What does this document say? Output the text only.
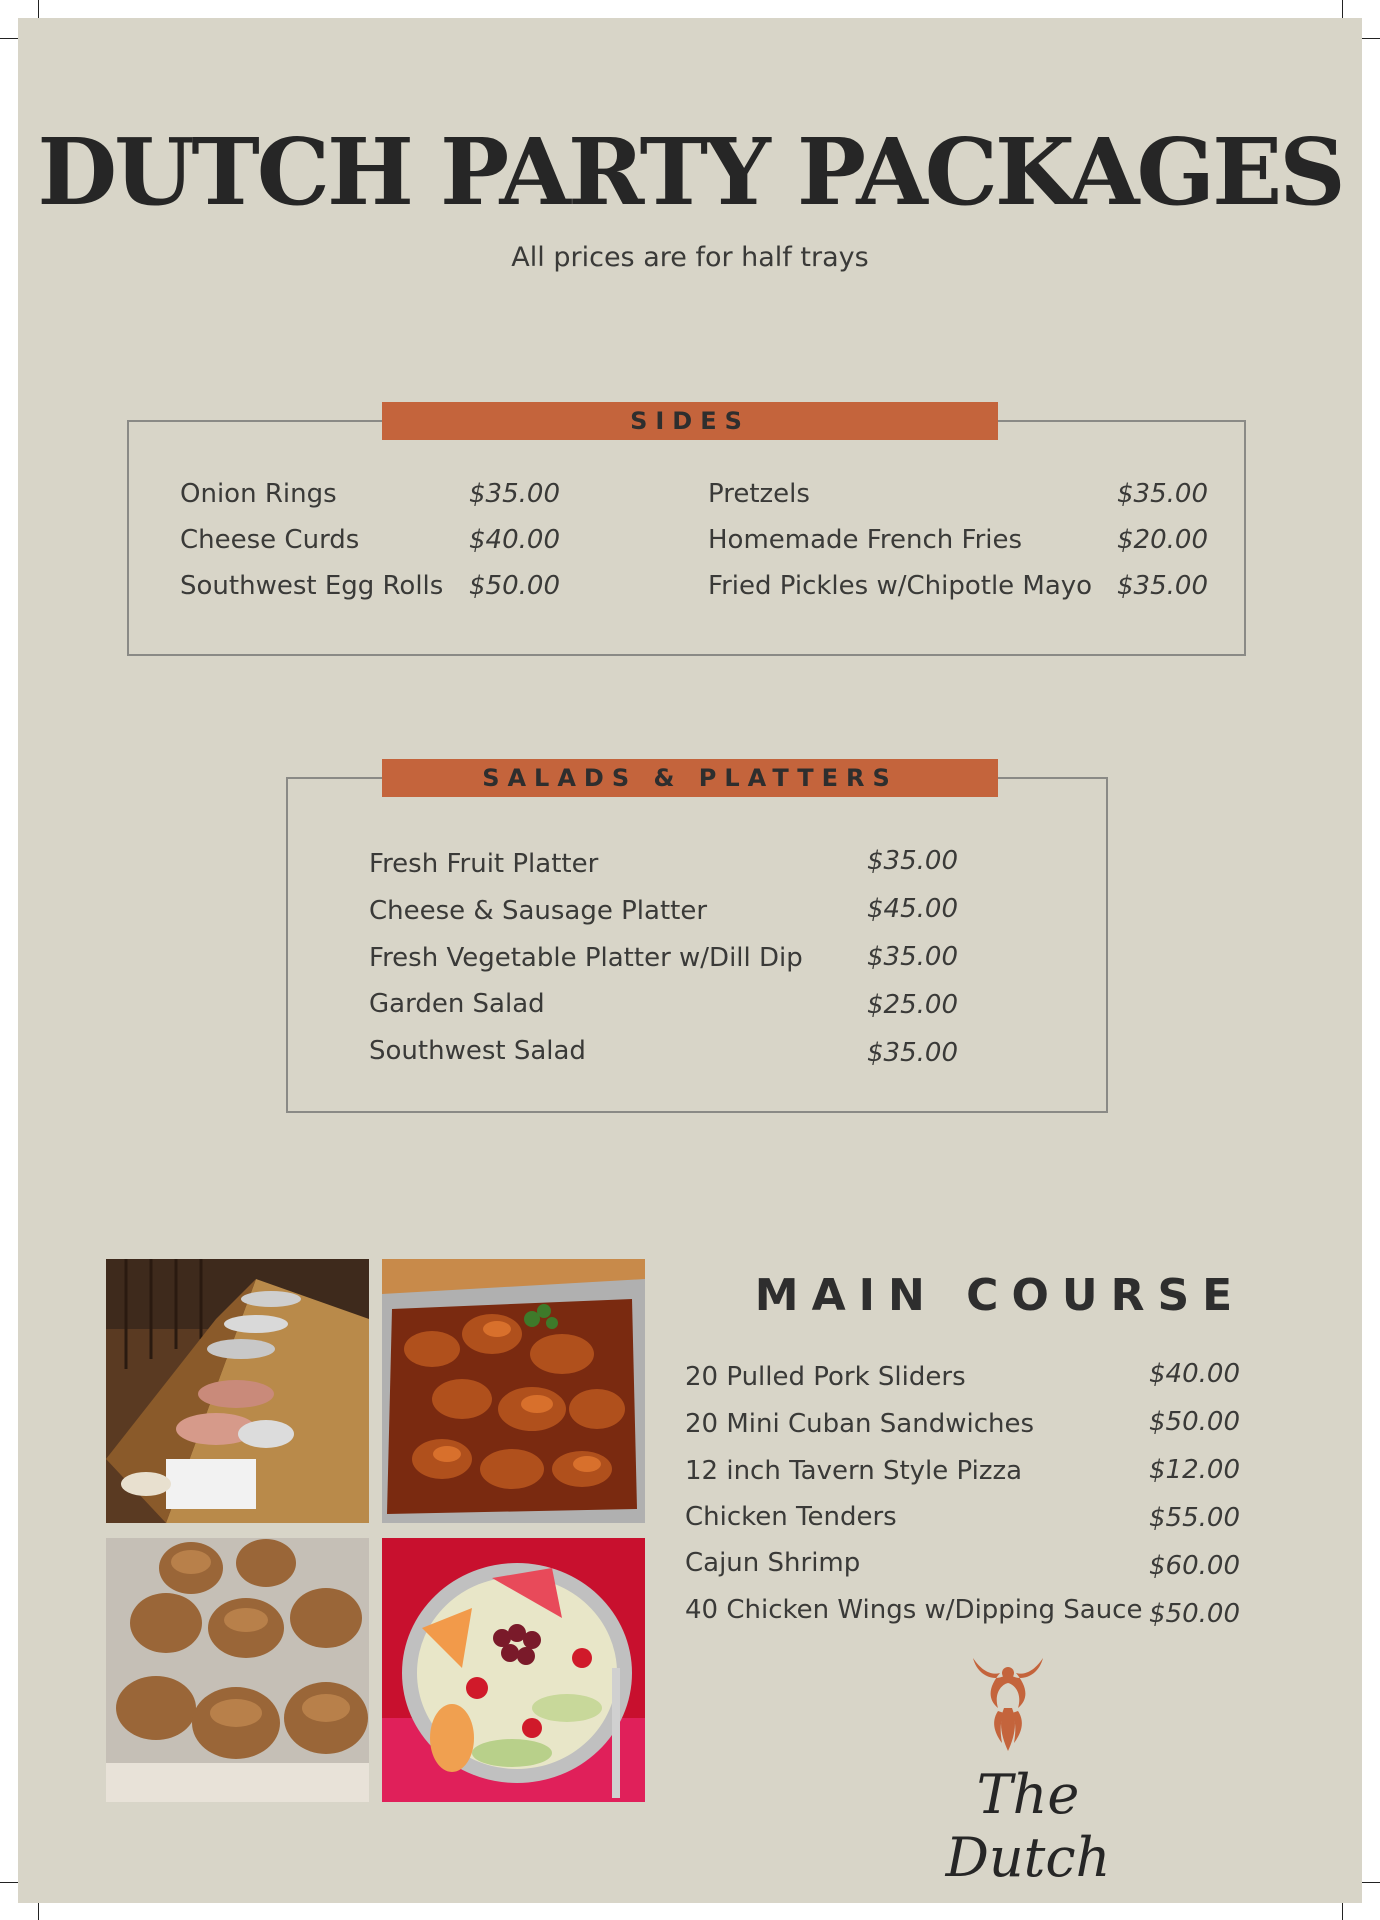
DUTCH PARTY PACKAGES
All prices are for half trays
SIDES
Onion Rings	$35.00
Cheese Curds	$40.00
Southwest Egg Rolls $50.00
Pretzels	$35.00
Homemade French Fries	$20.00
Fried Pickles w/Chipotle Mayo $35.00
SALADS & PLATTERS
Fresh Fruit Platter	$35.00
Cheese & Sausage Platter	$45.00
Fresh Vegetable Platter w/Dill Dip	$35.00
Garden Salad	$25.00
Southwest Salad	$35.00
MAIN COURSE
20 Pulled Pork Sliders	$40.00
20 Mini Cuban Sandwiches	$50.00
12 inch Tavern Style Pizza	$12.00
Chicken Tenders	$55.00
Cajun Shrimp	$60.00
40 Chicken Wings w/Dipping Sauce $50.00
The Dutch
